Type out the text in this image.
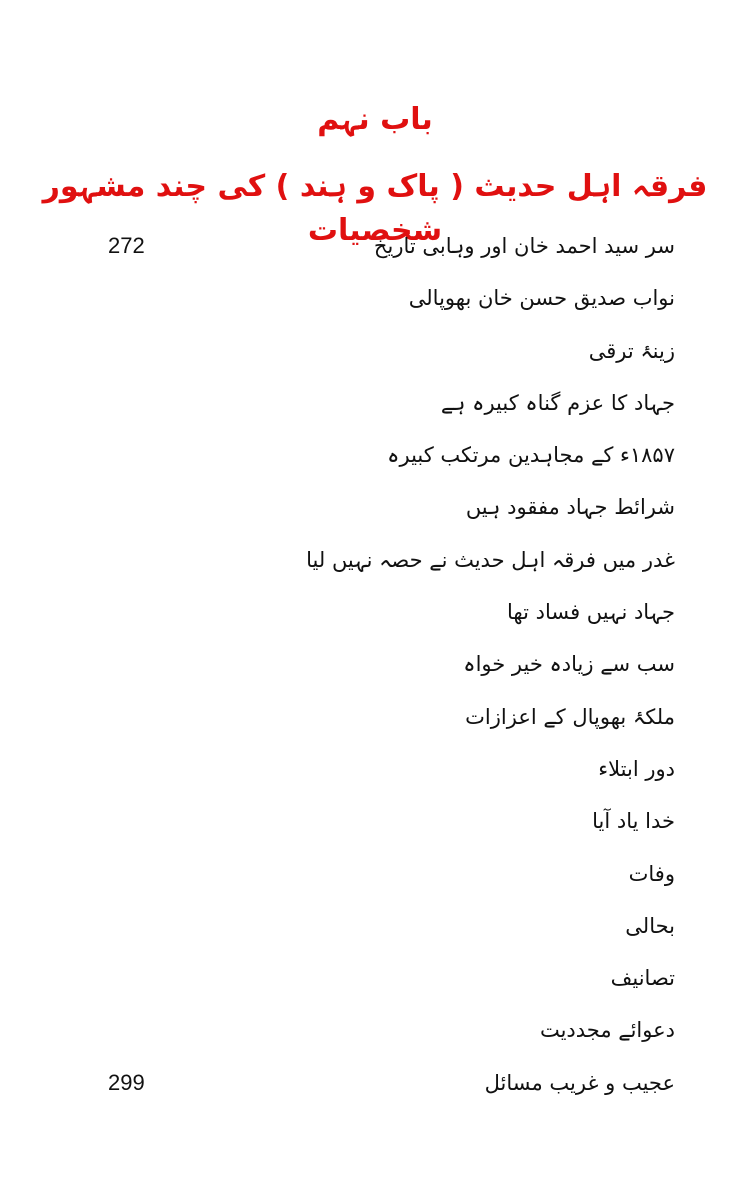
باب نہم
فرقہ اہل حدیث ( پاک و ہند ) کی چند مشہور شخصیات
سر سید احمد خان اور وہابی تاریخ
272
نواب صدیق حسن خان بھوپالی
زینۂ ترقی
جہاد کا عزم گناہ کبیرہ ہے
۱۸۵۷ء کے مجاہدین مرتکب کبیرہ
شرائط جہاد مفقود ہیں
غدر میں فرقہ اہل حدیث نے حصہ نہیں لیا
جہاد نہیں فساد تھا
سب سے زیادہ خیر خواہ
ملکۂ بھوپال کے اعزازات
دور ابتلاء
خدا یاد آیا
وفات
بحالی
تصانیف
دعوائے مجددیت
عجیب و غریب مسائل
299
